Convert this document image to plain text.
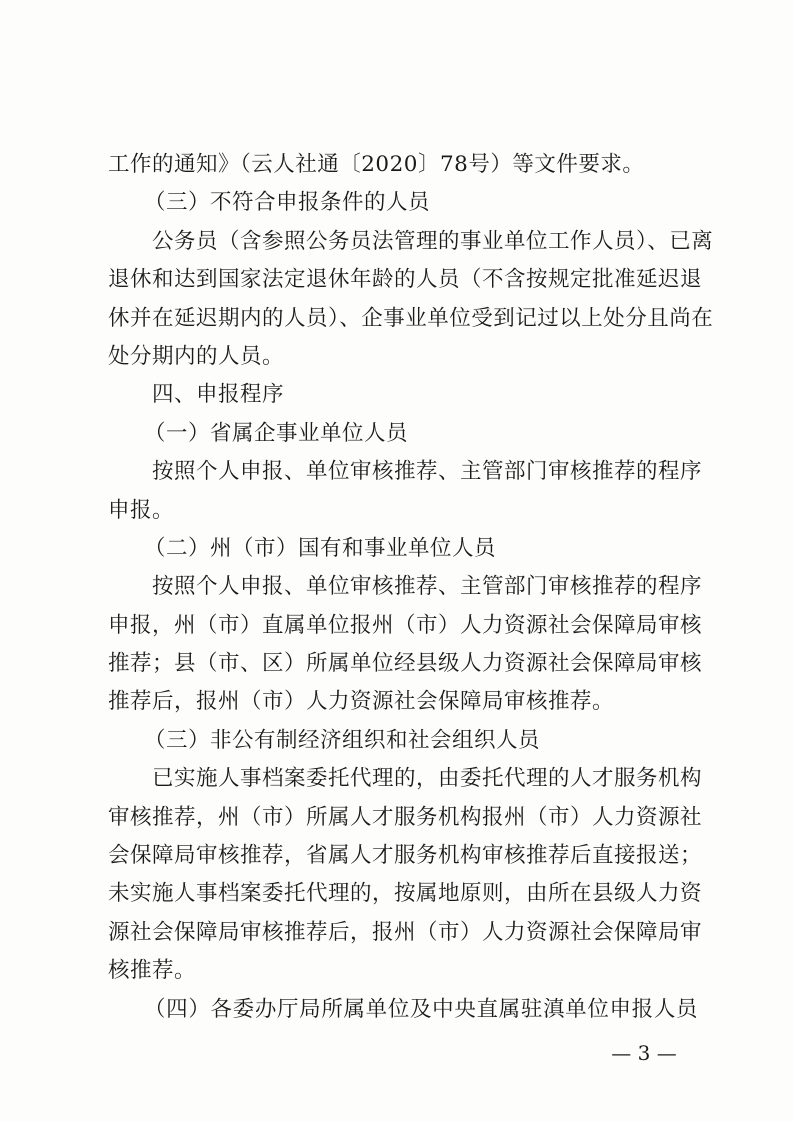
工作的通知》（云人社通〔2020〕78号）等文件要求。
（三）不符合申报条件的人员
公务员（含参照公务员法管理的事业单位工作人员）、已离
退休和达到国家法定退休年龄的人员（不含按规定批准延迟退
休并在延迟期内的人员）、企事业单位受到记过以上处分且尚在
处分期内的人员。
四、申报程序
（一）省属企事业单位人员
按照个人申报、单位审核推荐、主管部门审核推荐的程序
申报。
（二）州（市）国有和事业单位人员
按照个人申报、单位审核推荐、主管部门审核推荐的程序
申报，州（市）直属单位报州（市）人力资源社会保障局审核
推荐；县（市、区）所属单位经县级人力资源社会保障局审核
推荐后，报州（市）人力资源社会保障局审核推荐。
（三）非公有制经济组织和社会组织人员
已实施人事档案委托代理的，由委托代理的人才服务机构
审核推荐，州（市）所属人才服务机构报州（市）人力资源社
会保障局审核推荐，省属人才服务机构审核推荐后直接报送；
未实施人事档案委托代理的，按属地原则，由所在县级人力资
源社会保障局审核推荐后，报州（市）人力资源社会保障局审
核推荐。
（四）各委办厅局所属单位及中央直属驻滇单位申报人员
— 3 —
